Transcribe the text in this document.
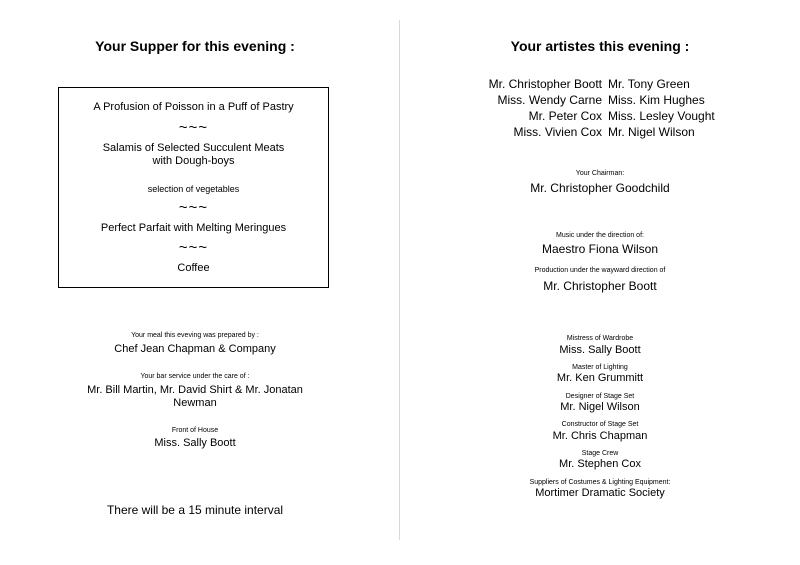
Your Supper for this evening :
A Profusion of Poisson in a Puff of Pastry
~~~
Salamis of Selected Succulent Meats
with Dough-boys
selection of vegetables
~~~
Perfect Parfait with Melting Meringues
~~~
Coffee
Your meal this eveving was prepared by :
Chef Jean Chapman & Company
Your bar service under the care of :
Mr. Bill Martin, Mr. David Shirt & Mr. Jonatan
Newman
Front of House
Miss. Sally Boott
There will be a 15 minute interval
Your artistes this evening :
Mr. Christopher Boott Mr. Tony Green
Miss. Wendy Carne Miss. Kim Hughes
Mr. Peter Cox Miss. Lesley Vought
Miss. Vivien Cox Mr. Nigel Wilson
Your Chairman:
Mr. Christopher Goodchild
Music under the direction of:
Maestro Fiona Wilson
Production under the wayward direction of
Mr. Christopher Boott
Mistress of Wardrobe
Miss. Sally Boott
Master of Lighting
Mr. Ken Grummitt
Designer of Stage Set
Mr. Nigel Wilson
Constructor of Stage Set
Mr. Chris Chapman
Stage Crew
Mr. Stephen Cox
Suppliers of Costumes & Lighting Equipment:
Mortimer Dramatic Society
